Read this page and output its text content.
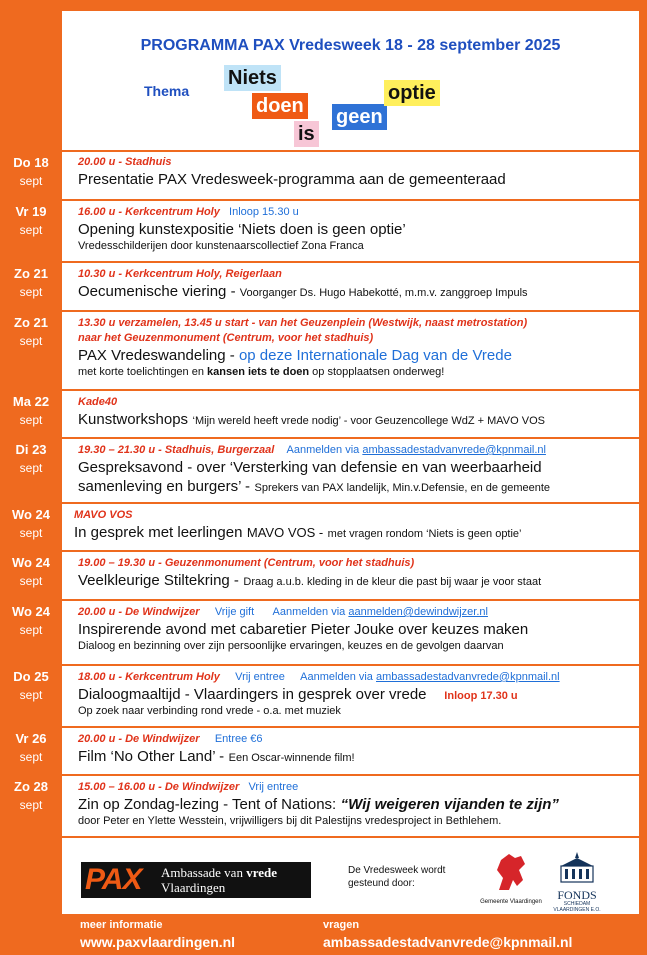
PROGRAMMA PAX Vredesweek 18 - 28 september 2025
Thema
Niets
doen
is
geen
optie
Do 18
sept
20.00 u - Stadhuis
Presentatie PAX Vredesweek-programma aan de gemeenteraad
Vr 19
sept
16.00 u - Kerkcentrum Holy Inloop 15.30 u
Opening kunstexpositie ‘Niets doen is geen optie’
Vredesschilderijen door kunstenaarscollectief Zona Franca
Zo 21
sept
10.30 u - Kerkcentrum Holy, Reigerlaan
Oecumenische viering - Voorganger Ds. Hugo Habekotté, m.m.v. zanggroep Impuls
Zo 21
sept
13.30 u verzamelen, 13.45 u start - van het Geuzenplein (Westwijk, naast metrostation)
naar het Geuzenmonument (Centrum, voor het stadhuis)
PAX Vredeswandeling - op deze Internationale Dag van de Vrede
met korte toelichtingen en kansen iets te doen op stopplaatsen onderweg!
Ma 22
sept
Kade40
Kunstworkshops ‘Mijn wereld heeft vrede nodig’ - voor Geuzencollege WdZ + MAVO VOS
Di 23
sept
19.30 – 21.30 u - Stadhuis, Burgerzaal Aanmelden via ambassadestadvanvrede@kpnmail.nl
Gespreksavond - over ‘Versterking van defensie en van weerbaarheid
samenleving en burgers’ - Sprekers van PAX landelijk, Min.v.Defensie, en de gemeente
Wo 24
sept
MAVO VOS
In gesprek met leerlingen MAVO VOS - met vragen rondom ‘Niets is geen optie’
Wo 24
sept
19.00 – 19.30 u - Geuzenmonument (Centrum, voor het stadhuis)
Veelkleurige Stiltekring - Draag a.u.b. kleding in de kleur die past bij waar je voor staat
Wo 24
sept
20.00 u - De Windwijzer Vrije gift Aanmelden via aanmelden@dewindwijzer.nl
Inspirerende avond met cabaretier Pieter Jouke over keuzes maken
Dialoog en bezinning over zijn persoonlijke ervaringen, keuzes en de gevolgen daarvan
Do 25
sept
18.00 u - Kerkcentrum Holy Vrij entree Aanmelden via ambassadestadvanvrede@kpnmail.nl
Dialoogmaaltijd - Vlaardingers in gesprek over vrede Inloop 17.30 u
Op zoek naar verbinding rond vrede - o.a. met muziek
Vr 26
sept
20.00 u - De Windwijzer Entree €6
Film ‘No Other Land’ - Een Oscar-winnende film!
Zo 28
sept
15.00 – 16.00 u - De Windwijzer Vrij entree
Zin op Zondag-lezing - Tent of Nations: “Wij weigeren vijanden te zijn”
door Peter en Ylette Wesstein, vrijwilligers bij dit Palestijns vredesproject in Bethlehem.
PAX Ambassade van vrede
Vlaardingen
De Vredesweek wordt gesteund door:
Gemeente Vlaardingen	FONDS
SCHIEDAM VLAARDINGEN E.O.
meer informatie
www.paxvlaardingen.nl
vragen
ambassadestadvanvrede@kpnmail.nl
